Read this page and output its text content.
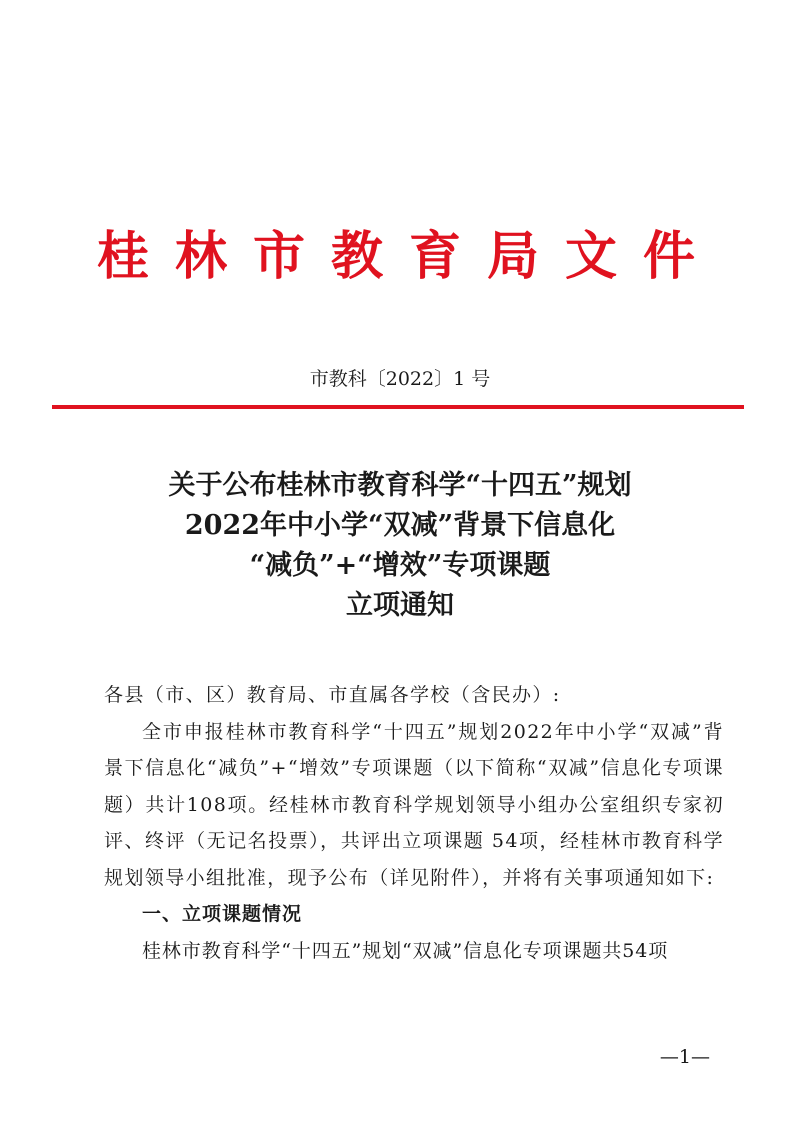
桂林市教育局文件
市教科〔2022〕1 号
关于公布桂林市教育科学“十四五”规划
2022年中小学“双减”背景下信息化
“减负”+“增效”专项课题
立项通知
各县（市、区）教育局、市直属各学校（含民办）:
全市申报桂林市教育科学“十四五”规划2022年中小学“双减”背景下信息化“减负”+“增效”专项课题（以下简称“双减”信息化专项课题）共计108项。经桂林市教育科学规划领导小组办公室组织专家初评、终评（无记名投票），共评出立项课题 54项，经桂林市教育科学规划领导小组批准，现予公布（详见附件），并将有关事项通知如下:
一、立项课题情况
桂林市教育科学“十四五”规划“双减”信息化专项课题共54项
—1—
